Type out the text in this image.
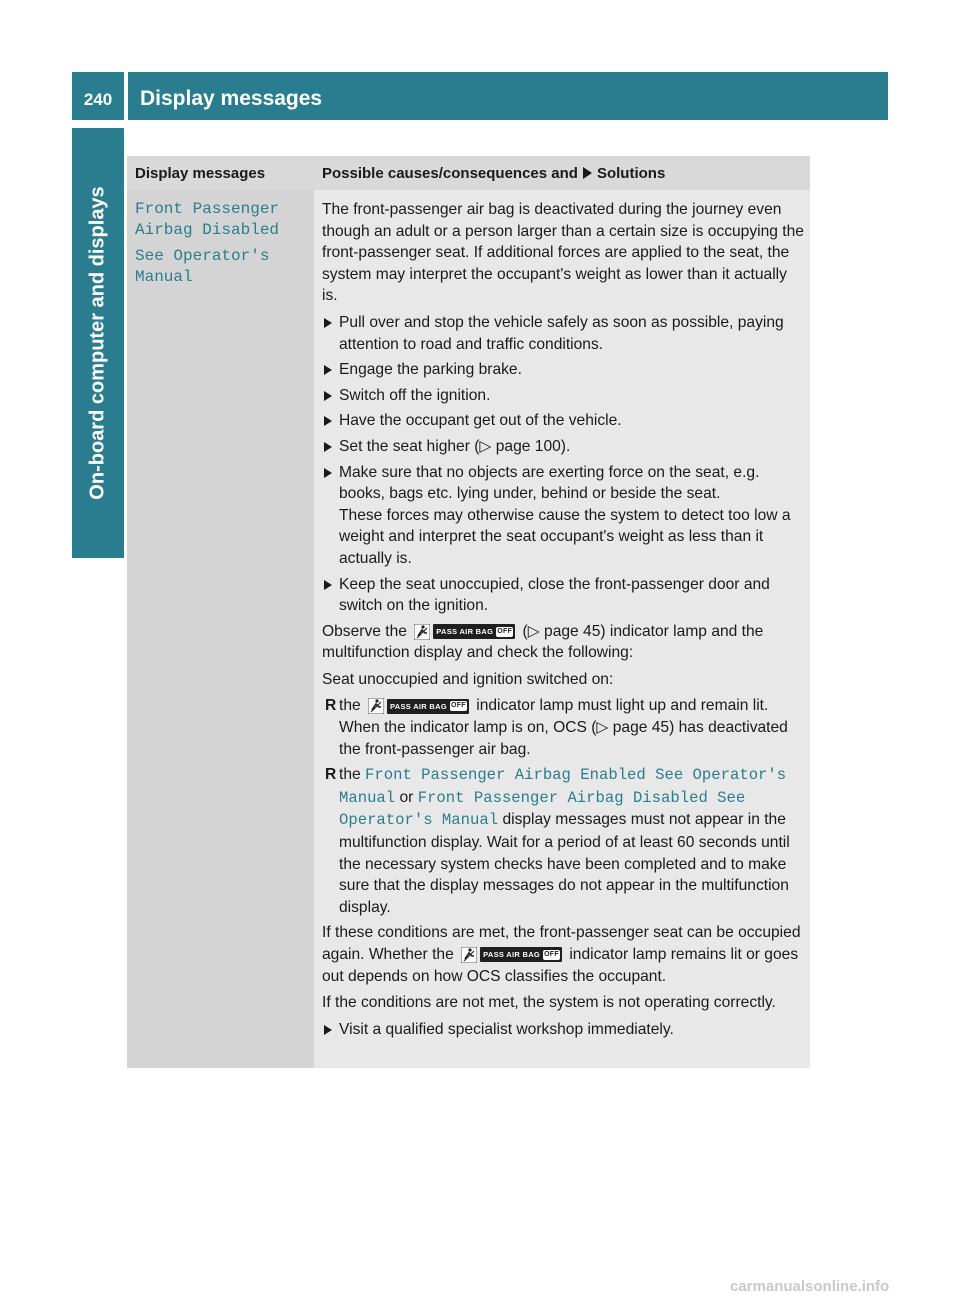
240	Display messages
On-board computer and displays
Display messages	Possible causes/consequences and Solutions
Front Passenger
Airbag Disabled
See Operator's
Manual

The front-passenger air bag is deactivated during the journey even though an adult or a person larger than a certain size is occupying the front-passenger seat. If additional forces are applied to the seat, the system may interpret the occupant's weight as lower than it actually is.

Pull over and stop the vehicle safely as soon as possible, paying attention to road and traffic conditions.
Engage the parking brake.
Switch off the ignition.
Have the occupant get out of the vehicle.
Set the seat higher (▷ page 100).
Make sure that no objects are exerting force on the seat, e.g. books, bags etc. lying under, behind or beside the seat.
These forces may otherwise cause the system to detect too low a weight and interpret the seat occupant's weight as less than it actually is.
Keep the seat unoccupied, close the front-passenger door and switch on the ignition.

Observe the	PASS AIR BAG OFF (▷ page 45) indicator lamp and the multifunction display and check the following:

Seat unoccupied and ignition switched on:

R the	PASS AIR BAG OFF indicator lamp must light up and remain lit. When the indicator lamp is on, OCS (▷ page 45) has deactivated the front-passenger air bag.
R the Front Passenger Airbag Enabled See Operator's Manual or Front Passenger Airbag Disabled See Operator's Manual display messages must not appear in the multifunction display. Wait for a period of at least 60 seconds until the necessary system checks have been completed and to make sure that the display messages do not appear in the multifunction display.

If these conditions are met, the front-passenger seat can be occupied again. Whether the	PASS AIR BAG OFF indicator lamp remains lit or goes out depends on how OCS classifies the occupant.

If the conditions are not met, the system is not operating correctly.

Visit a qualified specialist workshop immediately.
carmanualsonline.info
